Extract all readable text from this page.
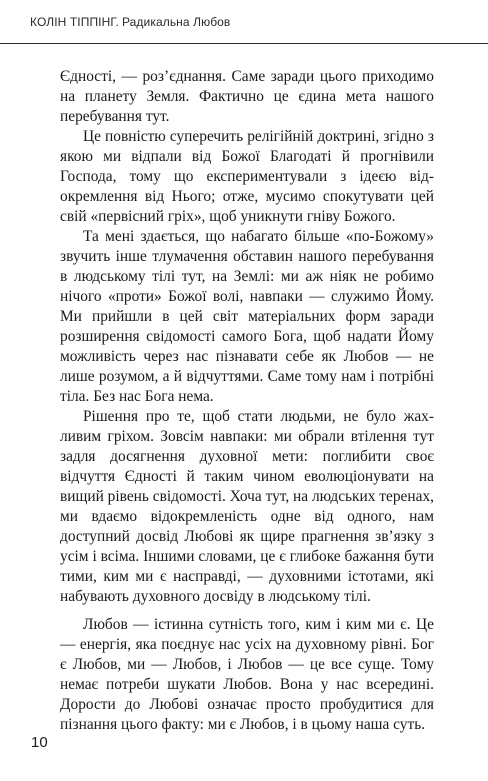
КОЛІН ТІППІНГ. Радикальна Любов

Єдності, — роз’єднання. Саме заради цього приходимо на планету Земля. Фактично це єдина мета нашого перебування тут.

Це повністю суперечить релігійній доктрині, згідно з якою ми відпали від Божої Благодаті й прогнівили Господа, тому що експериментували з ідеєю відокремлення від Нього; отже, мусимо спокутувати цей свій «первісний гріх», щоб уникнути гніву Божого.

Та мені здається, що набагато більше «по-Божому» звучить інше тлумачення обставин нашого перебування в людському тілі тут, на Землі: ми аж ніяк не робимо нічого «проти» Божої волі, навпаки — служимо Йому. Ми прийшли в цей світ матеріальних форм заради розширення свідомості самого Бога, щоб надати Йому можливість через нас пізнавати себе як Любов — не лише розумом, а й відчуттями. Саме тому нам і потрібні тіла. Без нас Бога нема.

Рішення про те, щоб стати людьми, не було жахливим гріхом. Зовсім навпаки: ми обрали втілення тут задля досягнення духовної мети: поглибити своє відчуття Єдності й таким чином еволюціонувати на вищий рівень свідомості. Хоча тут, на людських теренах, ми вдаємо відокремленість одне від одного, нам доступний досвід Любові як щире прагнення зв’язку з усім і всіма. Іншими словами, це є глибоке бажання бути тими, ким ми є насправді, — духовними істотами, які набувають духовного досвіду в людському тілі.

Любов — істинна сутність того, ким і ким ми є. Це — енергія, яка поєднує нас усіх на духовному рівні. Бог є Любов, ми — Любов, і Любов — це все суще. Тому немає потреби шукати Любов. Вона у нас всередині. Дорости до Любові означає просто пробудитися для пізнання цього факту: ми є Любов, і в цьому наша суть.

10
